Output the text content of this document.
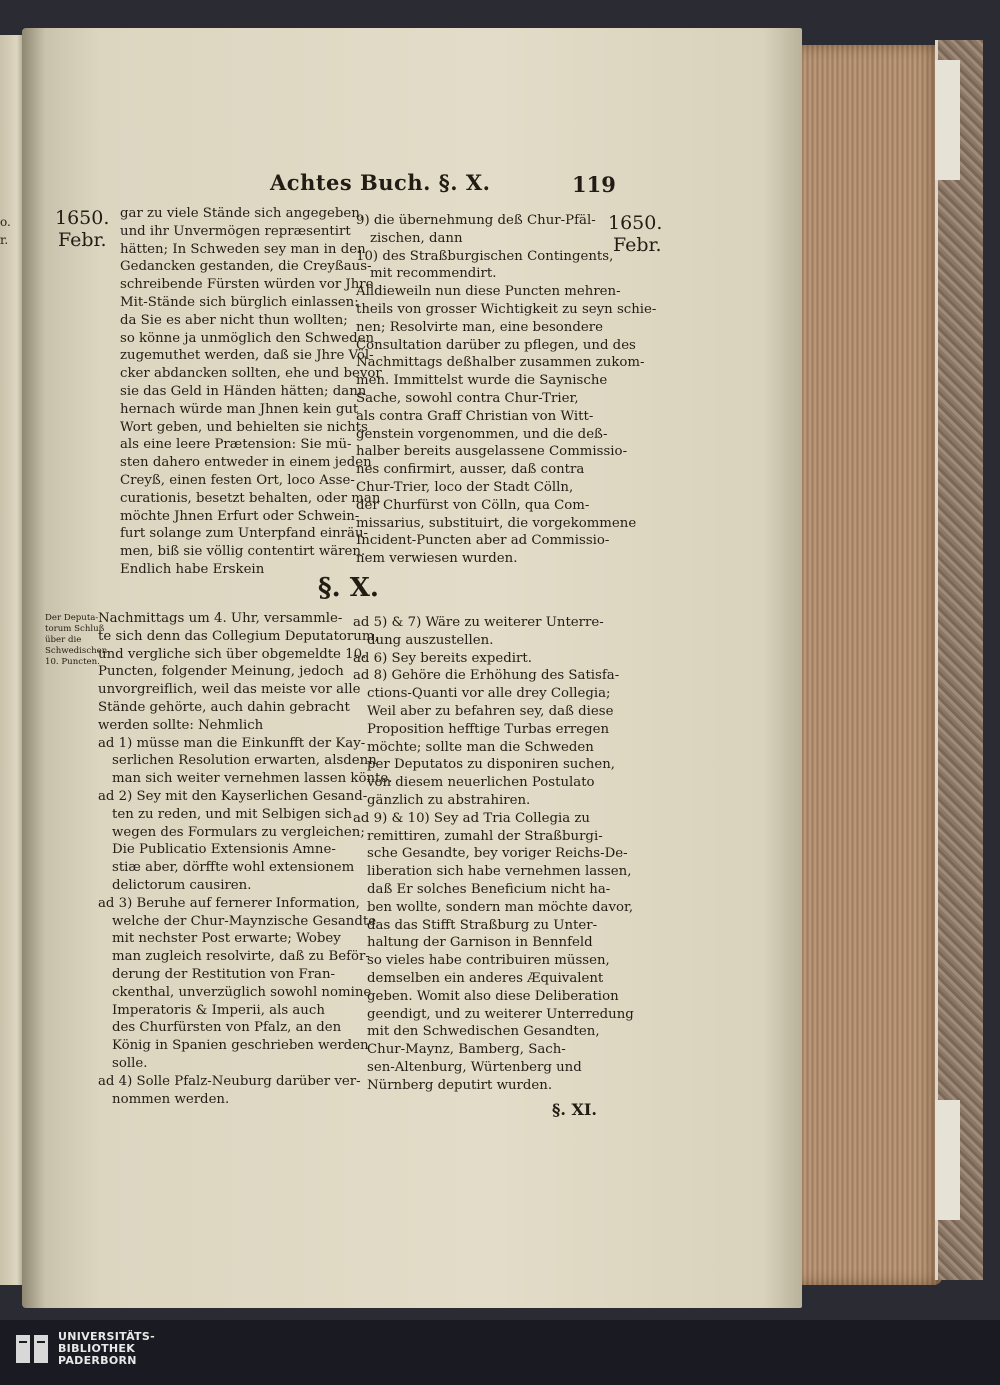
o.
r.
Achtes Buch. §. X.	119
1650.
Febr.
1650.
Febr.

gar zu viele Stände sich angegeben,

und ihr Unvermögen repræsentirt

hätten; In Schweden sey man in den

Gedancken gestanden, die Creyßaus-

schreibende Fürsten würden vor Jhre

Mit-Stände sich bürglich einlassen:

da Sie es aber nicht thun wollten;

so könne ja unmöglich den Schweden

zugemuthet werden, daß sie Jhre Völ-

cker abdancken sollten, ehe und bevor

sie das Geld in Händen hätten; dann

hernach würde man Jhnen kein gut

Wort geben, und behielten sie nichts

als eine leere Prætension: Sie mü-

sten dahero entweder in einem jeden

Creyß, einen festen Ort, loco Asse-

curationis, besetzt behalten, oder man

möchte Jhnen Erfurt oder Schwein-

furt solange zum Unterpfand einräu-

men, biß sie völlig contentirt wären.

Endlich habe Erskein

9) die übernehmung deß Chur-Pfäl-

zischen, dann

10) des Straßburgischen Contingents,

mit recommendirt.

Alldieweiln nun diese Puncten mehren-

theils von grosser Wichtigkeit zu seyn schie-

nen; Resolvirte man, eine besondere

Consultation darüber zu pflegen, und des

Nachmittags deßhalber zusammen zukom-

men. Immittelst wurde die Saynische

Sache, sowohl contra Chur-Trier,

als contra Graff Christian von Witt-

genstein vorgenommen, und die deß-

halber bereits ausgelassene Commissio-

nes confirmirt, ausser, daß contra

Chur-Trier, loco der Stadt Cölln,

der Churfürst von Cölln, qua Com-

missarius, substituirt, die vorgekommene

Incident-Puncten aber ad Commissio-

nem verwiesen wurden.

§. X.

Der Deputa-

torum Schluß

über die

Schwedischen

10. Puncten.

Nachmittags um 4. Uhr, versammle-

te sich denn das Collegium Deputatorum,

und vergliche sich über obgemeldte 10.

Puncten, folgender Meinung, jedoch

unvorgreiflich, weil das meiste vor alle

Stände gehörte, auch dahin gebracht

werden sollte: Nehmlich

ad 1) müsse man die Einkunfft der Kay-

serlichen Resolution erwarten, alsdenn

man sich weiter vernehmen lassen könte.

ad 2) Sey mit den Kayserlichen Gesand-

ten zu reden, und mit Selbigen sich

wegen des Formulars zu vergleichen;

Die Publicatio Extensionis Amne-

stiæ aber, dörffte wohl extensionem

delictorum causiren.

ad 3) Beruhe auf fernerer Information,

welche der Chur-Maynzische Gesandte

mit nechster Post erwarte; Wobey

man zugleich resolvirte, daß zu Beför-

derung der Restitution von Fran-

ckenthal, unverzüglich sowohl nomine

Imperatoris & Imperii, als auch

des Churfürsten von Pfalz, an den

König in Spanien geschrieben werden

solle.

ad 4) Solle Pfalz-Neuburg darüber ver-

nommen werden.

ad 5) & 7) Wäre zu weiterer Unterre-

dung auszustellen.

ad 6) Sey bereits expedirt.

ad 8) Gehöre die Erhöhung des Satisfa-

ctions-Quanti vor alle drey Collegia;

Weil aber zu befahren sey, daß diese

Proposition hefftige Turbas erregen

möchte; sollte man die Schweden

per Deputatos zu disponiren suchen,

von diesem neuerlichen Postulato

gänzlich zu abstrahiren.

ad 9) & 10) Sey ad Tria Collegia zu

remittiren, zumahl der Straßburgi-

sche Gesandte, bey voriger Reichs-De-

liberation sich habe vernehmen lassen,

daß Er solches Beneficium nicht ha-

ben wollte, sondern man möchte davor,

das das Stifft Straßburg zu Unter-

haltung der Garnison in Bennfeld

so vieles habe contribuiren müssen,

demselben ein anderes Æquivalent

geben. Womit also diese Deliberation

geendigt, und zu weiterer Unterredung

mit den Schwedischen Gesandten,

Chur-Maynz, Bamberg, Sach-

sen-Altenburg, Würtenberg und

Nürnberg deputirt wurden.

§. XI.

UNIVERSITÄTS-

BIBLIOTHEK

PADERBORN
